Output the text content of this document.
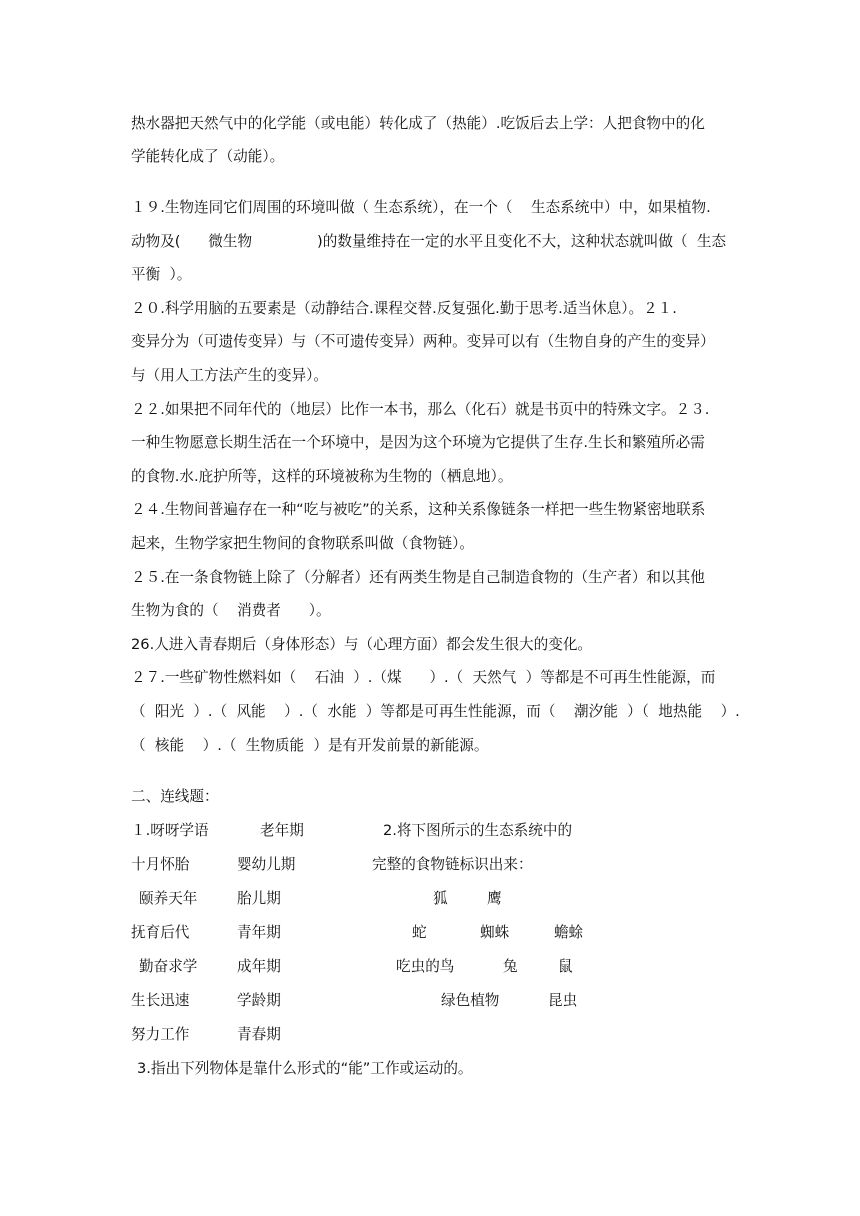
热水器把天然气中的化学能（或电能）转化成了（热能）.吃饭后去上学：人把食物中的化
学能转化成了（动能）。
１９.生物连同它们周围的环境叫做（ 生态系统），在一个（    生态系统中）中，如果植物.
动物及(      微生物              )的数量维持在一定的水平且变化不大，这种状态就叫做（  生态
平衡  ）。
２０.科学用脑的五要素是（动静结合.课程交替.反复强化.勤于思考.适当休息）。２１.
变异分为（可遗传变异）与（不可遗传变异）两种。变异可以有（生物自身的产生的变异）
与（用人工方法产生的变异）。
２２.如果把不同年代的（地层）比作一本书，那么（化石）就是书页中的特殊文字。２３.
一种生物愿意长期生活在一个环境中，是因为这个环境为它提供了生存.生长和繁殖所必需
的食物.水.庇护所等，这样的环境被称为生物的（栖息地）。
２４.生物间普遍存在一种“吃与被吃”的关系，这种关系像链条一样把一些生物紧密地联系
起来，生物学家把生物间的食物联系叫做（食物链）。
２５.在一条食物链上除了（分解者）还有两类生物是自己制造食物的（生产者）和以其他
生物为食的（    消费者      ）。
26.人进入青春期后（身体形态）与（心理方面）都会发生很大的变化。
２７.一些矿物性燃料如（    石油  ）.（煤      ）.（  天然气  ）等都是不可再生性能源，而
（  阳光  ）.（  风能    ）.（  水能  ）等都是可再生性能源，而（    潮汐能  ）（  地热能    ）.
（  核能    ）.（  生物质能  ）是有开发前景的新能源。
二、连线题：
１.呀呀学语	老年期	2.将下图所示的生态系统中的
十月怀胎	婴幼儿期	完整的食物链标识出来：
颐养天年	胎儿期	狐	鹰
抚育后代	青年期	蛇	蜘蛛	蟾蜍
勤奋求学	成年期	吃虫的鸟	兔	鼠
生长迅速	学龄期	绿色植物	昆虫
努力工作	青春期
3.指出下列物体是靠什么形式的“能”工作或运动的。
